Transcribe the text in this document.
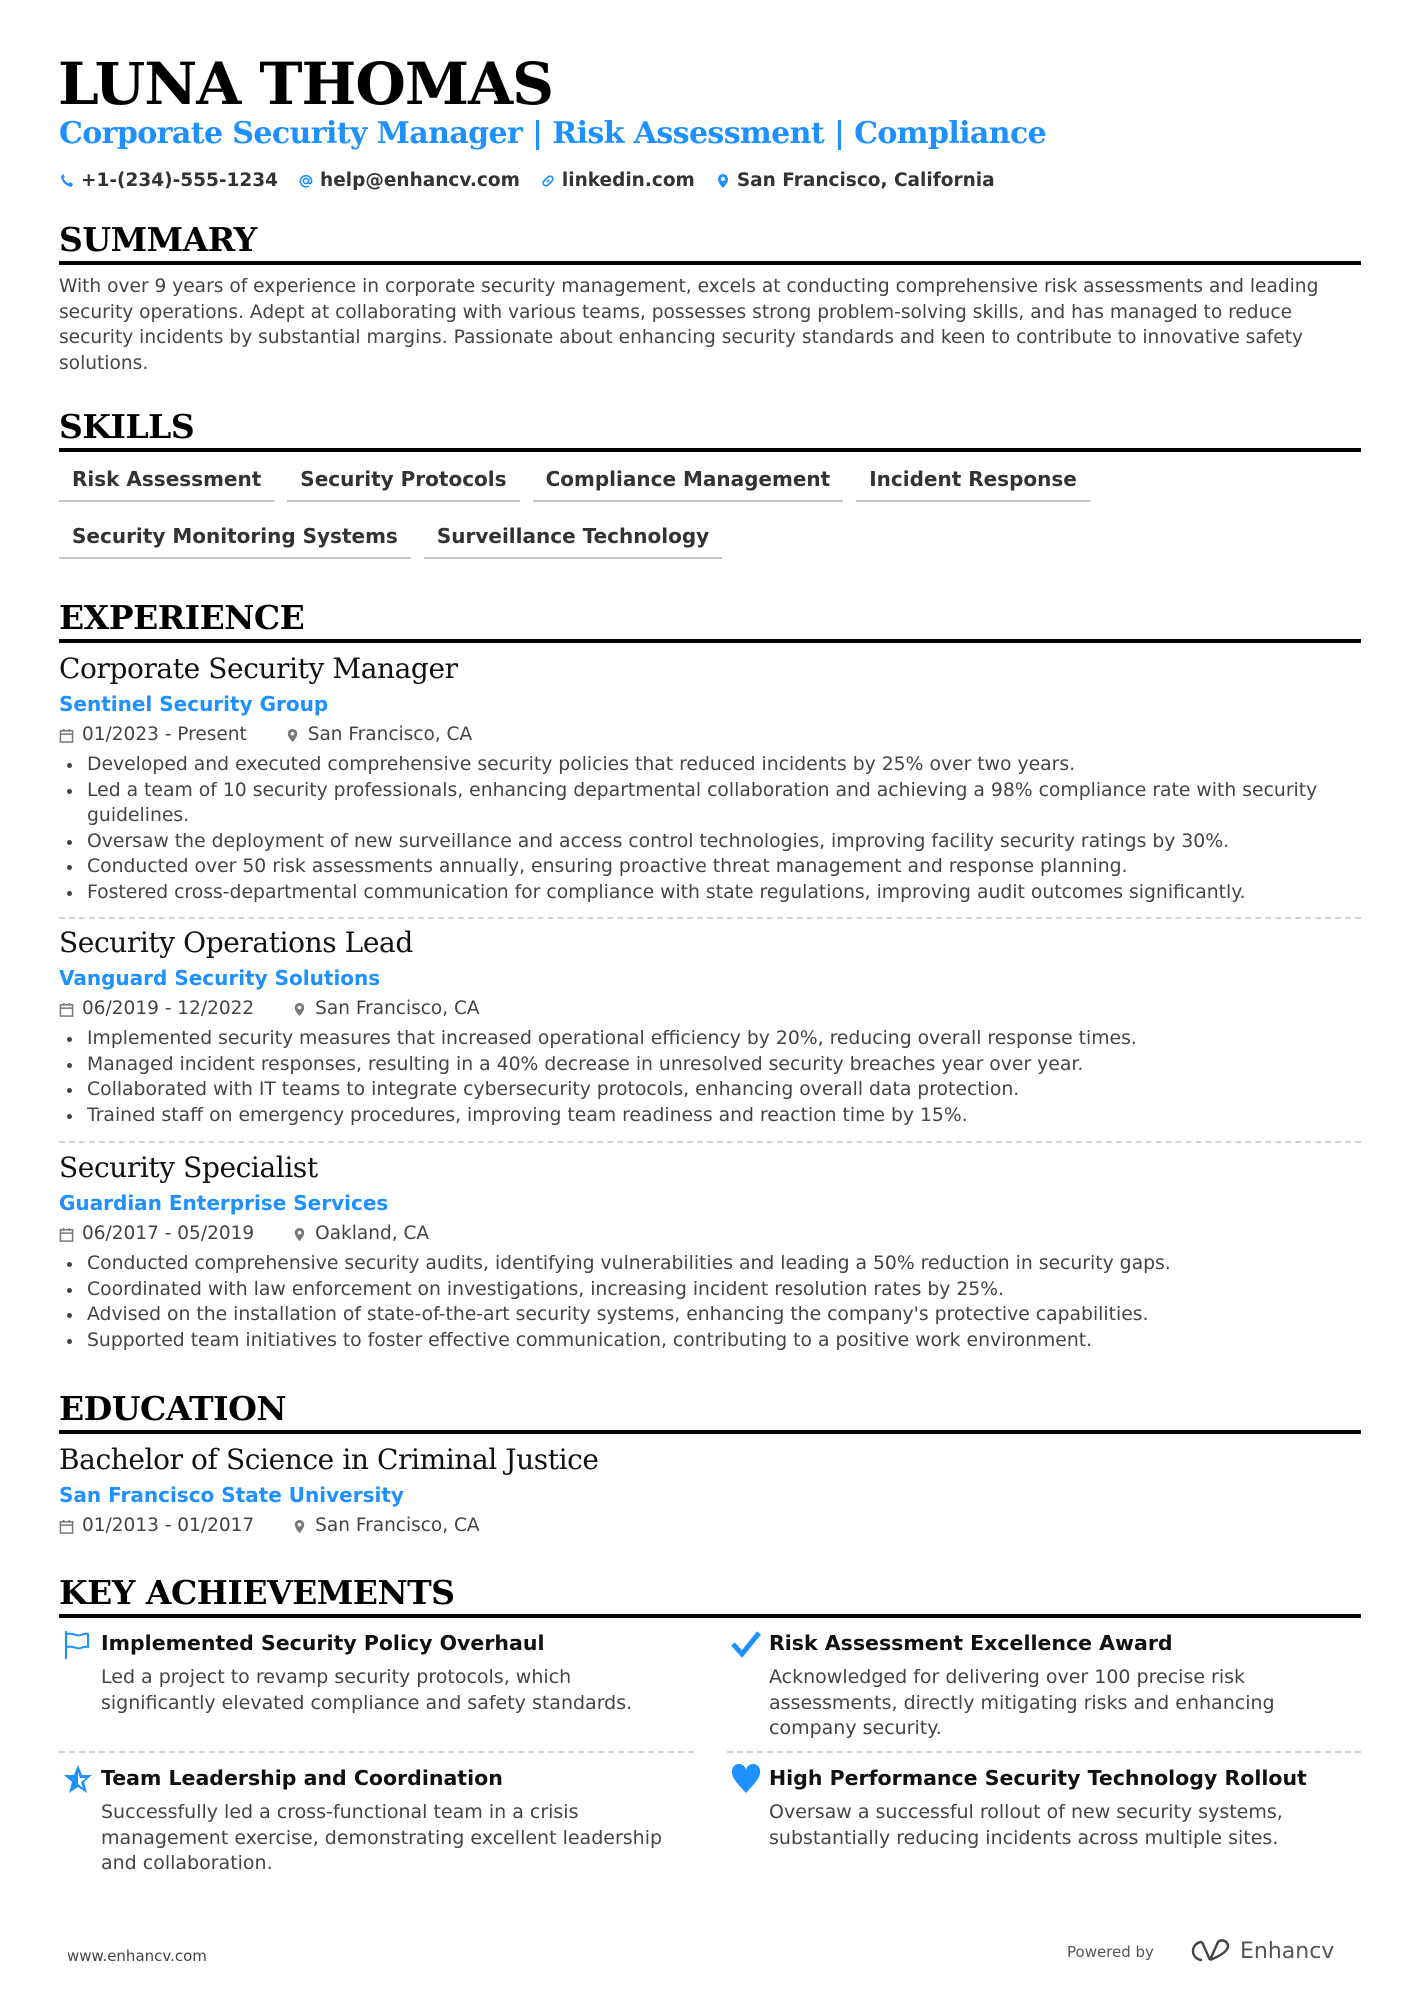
LUNA THOMAS
Corporate Security Manager | Risk Assessment | Compliance
+1-(234)-555-1234 help@enhancv.com linkedin.com San Francisco, California
SUMMARY
With over 9 years of experience in corporate security management, excels at conducting comprehensive risk assessments and leading security operations. Adept at collaborating with various teams, possesses strong problem-solving skills, and has managed to reduce security incidents by substantial margins. Passionate about enhancing security standards and keen to contribute to innovative safety solutions.
SKILLS
Risk Assessment	Security Protocols	Compliance Management	Incident Response
Security Monitoring Systems	Surveillance Technology
EXPERIENCE
Corporate Security Manager
Sentinel Security Group
01/2023 - Present	San Francisco, CA
Developed and executed comprehensive security policies that reduced incidents by 25% over two years.
Led a team of 10 security professionals, enhancing departmental collaboration and achieving a 98% compliance rate with security guidelines.
Oversaw the deployment of new surveillance and access control technologies, improving facility security ratings by 30%.
Conducted over 50 risk assessments annually, ensuring proactive threat management and response planning.
Fostered cross-departmental communication for compliance with state regulations, improving audit outcomes significantly.
Security Operations Lead
Vanguard Security Solutions
06/2019 - 12/2022	San Francisco, CA
Implemented security measures that increased operational efficiency by 20%, reducing overall response times.
Managed incident responses, resulting in a 40% decrease in unresolved security breaches year over year.
Collaborated with IT teams to integrate cybersecurity protocols, enhancing overall data protection.
Trained staff on emergency procedures, improving team readiness and reaction time by 15%.
Security Specialist
Guardian Enterprise Services
06/2017 - 05/2019	Oakland, CA
Conducted comprehensive security audits, identifying vulnerabilities and leading a 50% reduction in security gaps.
Coordinated with law enforcement on investigations, increasing incident resolution rates by 25%.
Advised on the installation of state-of-the-art security systems, enhancing the company's protective capabilities.
Supported team initiatives to foster effective communication, contributing to a positive work environment.
EDUCATION
Bachelor of Science in Criminal Justice
San Francisco State University
01/2013 - 01/2017	San Francisco, CA
KEY ACHIEVEMENTS
Implemented Security Policy Overhaul
Led a project to revamp security protocols, which significantly elevated compliance and safety standards.
Risk Assessment Excellence Award
Acknowledged for delivering over 100 precise risk assessments, directly mitigating risks and enhancing company security.
Team Leadership and Coordination
Successfully led a cross-functional team in a crisis management exercise, demonstrating excellent leadership and collaboration.
High Performance Security Technology Rollout
Oversaw a successful rollout of new security systems, substantially reducing incidents across multiple sites.
www.enhancv.com	Powered by	Enhancv
